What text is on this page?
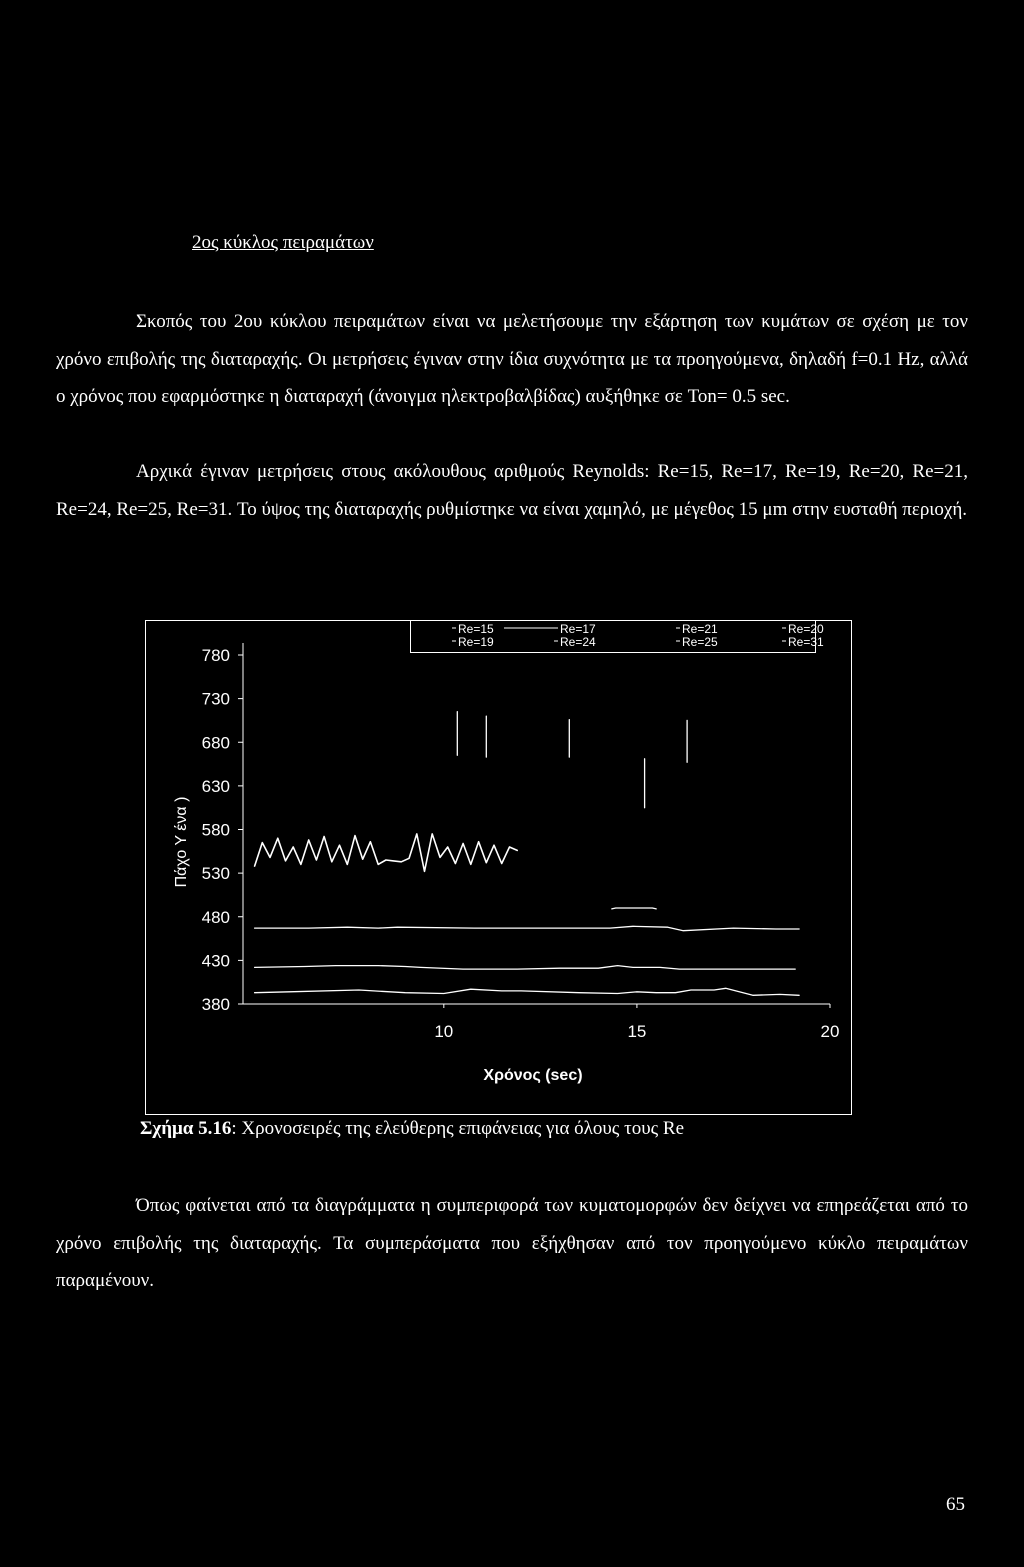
2ος κύκλος πειραμάτων
Σκοπός του 2ου κύκλου πειραμάτων είναι να μελετήσουμε την εξάρτηση των κυμάτων σε σχέση με τον χρόνο επιβολής της διαταραχής. Οι μετρήσεις έγιναν στην ίδια συχνότητα με τα προηγούμενα, δηλαδή f=0.1 Hz, αλλά ο χρόνος που εφαρμόστηκε η διαταραχή (άνοιγμα ηλεκτροβαλβίδας) αυξήθηκε σε Ton= 0.5 sec.
Αρχικά έγιναν μετρήσεις στους ακόλουθους αριθμούς Reynolds: Re=15, Re=17, Re=19, Re=20, Re=21, Re=24, Re=25, Re=31. Το ύψος της διαταραχής ρυθμίστηκε να είναι χαμηλό, με μέγεθος 15 μm στην ευσταθή περιοχή.
780
730
680
630
580
530
480
430
380
10	15	20
Re=15
Re=19
Re=17
Re=24
Re=21
Re=25
Re=20
Re=31
Χρόνος (sec)
Πάχο Υ ένα )
Σχήμα 5.16: Χρονοσειρές της ελεύθερης επιφάνειας για όλους τους Re
Όπως φαίνεται από τα διαγράμματα η συμπεριφορά των κυματομορφών δεν δείχνει να επηρεάζεται από το χρόνο επιβολής της διαταραχής. Τα συμπεράσματα που εξήχθησαν από τον προηγούμενο κύκλο πειραμάτων παραμένουν.
65
